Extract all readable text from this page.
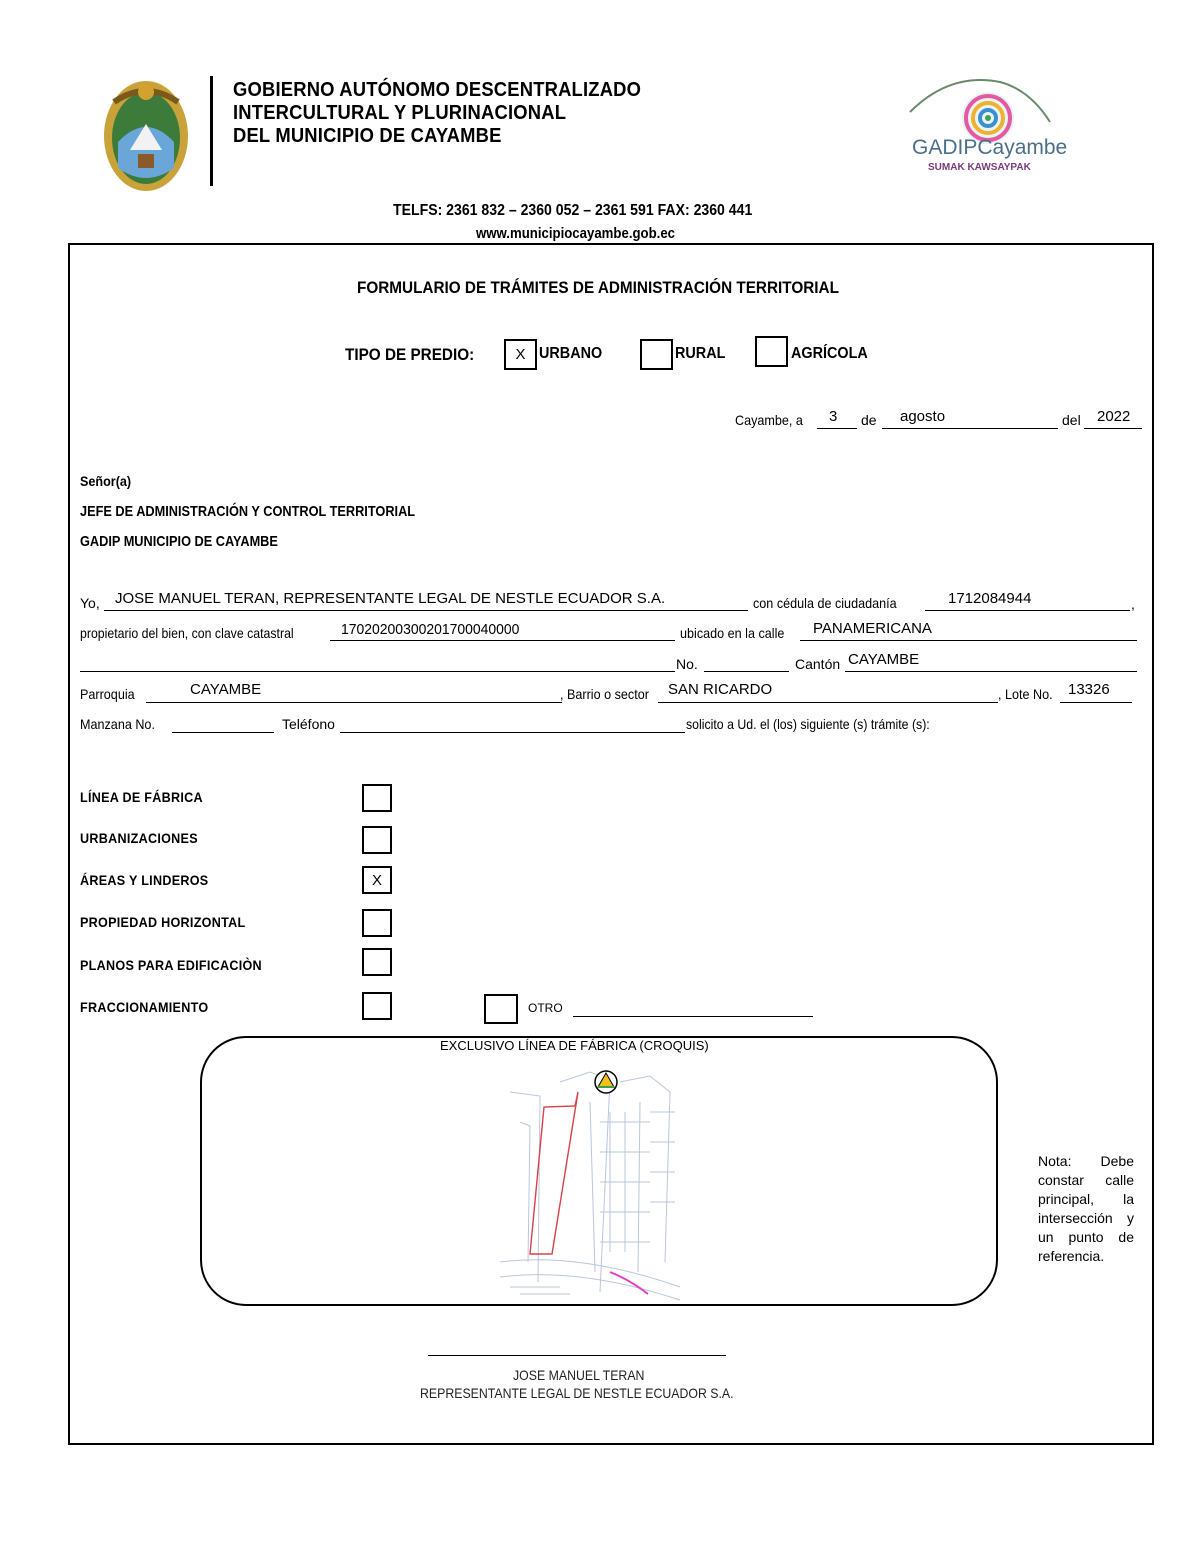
GOBIERNO AUTÓNOMO DESCENTRALIZADO
INTERCULTURAL Y PLURINACIONAL
DEL MUNICIPIO DE CAYAMBE	GADIPCayambe
SUMAK KAWSAYPAK
TELFS: 2361 832 – 2360 052 – 2361 591 FAX: 2360 441
www.municipiocayambe.gob.ec
FORMULARIO DE TRÁMITES DE ADMINISTRACIÓN TERRITORIAL
TIPO DE PREDIO:	X URBANO	RURAL	AGRÍCOLA
Cayambe, a 3 de agosto	del 2022
Señor(a)
JEFE DE ADMINISTRACIÓN Y CONTROL TERRITORIAL
GADIP MUNICIPIO DE CAYAMBE
Yo, JOSE MANUEL TERAN, REPRESENTANTE LEGAL DE NESTLE ECUADOR S.A.	con cédula de ciudadanía	1712084944	,
propietario del bien, con clave catastral	17020200300201700040000	ubicado en la calle PANAMERICANA
No.	Cantón CAYAMBE
Parroquia	CAYAMBE	, Barrio o sector SAN RICARDO	, Lote No. 13326
Manzana No.	Teléfono	solicito a Ud. el (los) siguiente (s) trámite (s):
LÍNEA DE FÁBRICA
URBANIZACIONES
ÁREAS Y LINDEROS	X
PROPIEDAD HORIZONTAL
PLANOS PARA EDIFICACIÒN
FRACCIONAMIENTO	OTRO
EXCLUSIVO LÍNEA DE FÁBRICA (CROQUIS)
Nota: Debe constar calle principal, la intersección y un punto de referencia.
JOSE MANUEL TERAN
REPRESENTANTE LEGAL DE NESTLE ECUADOR S.A.
